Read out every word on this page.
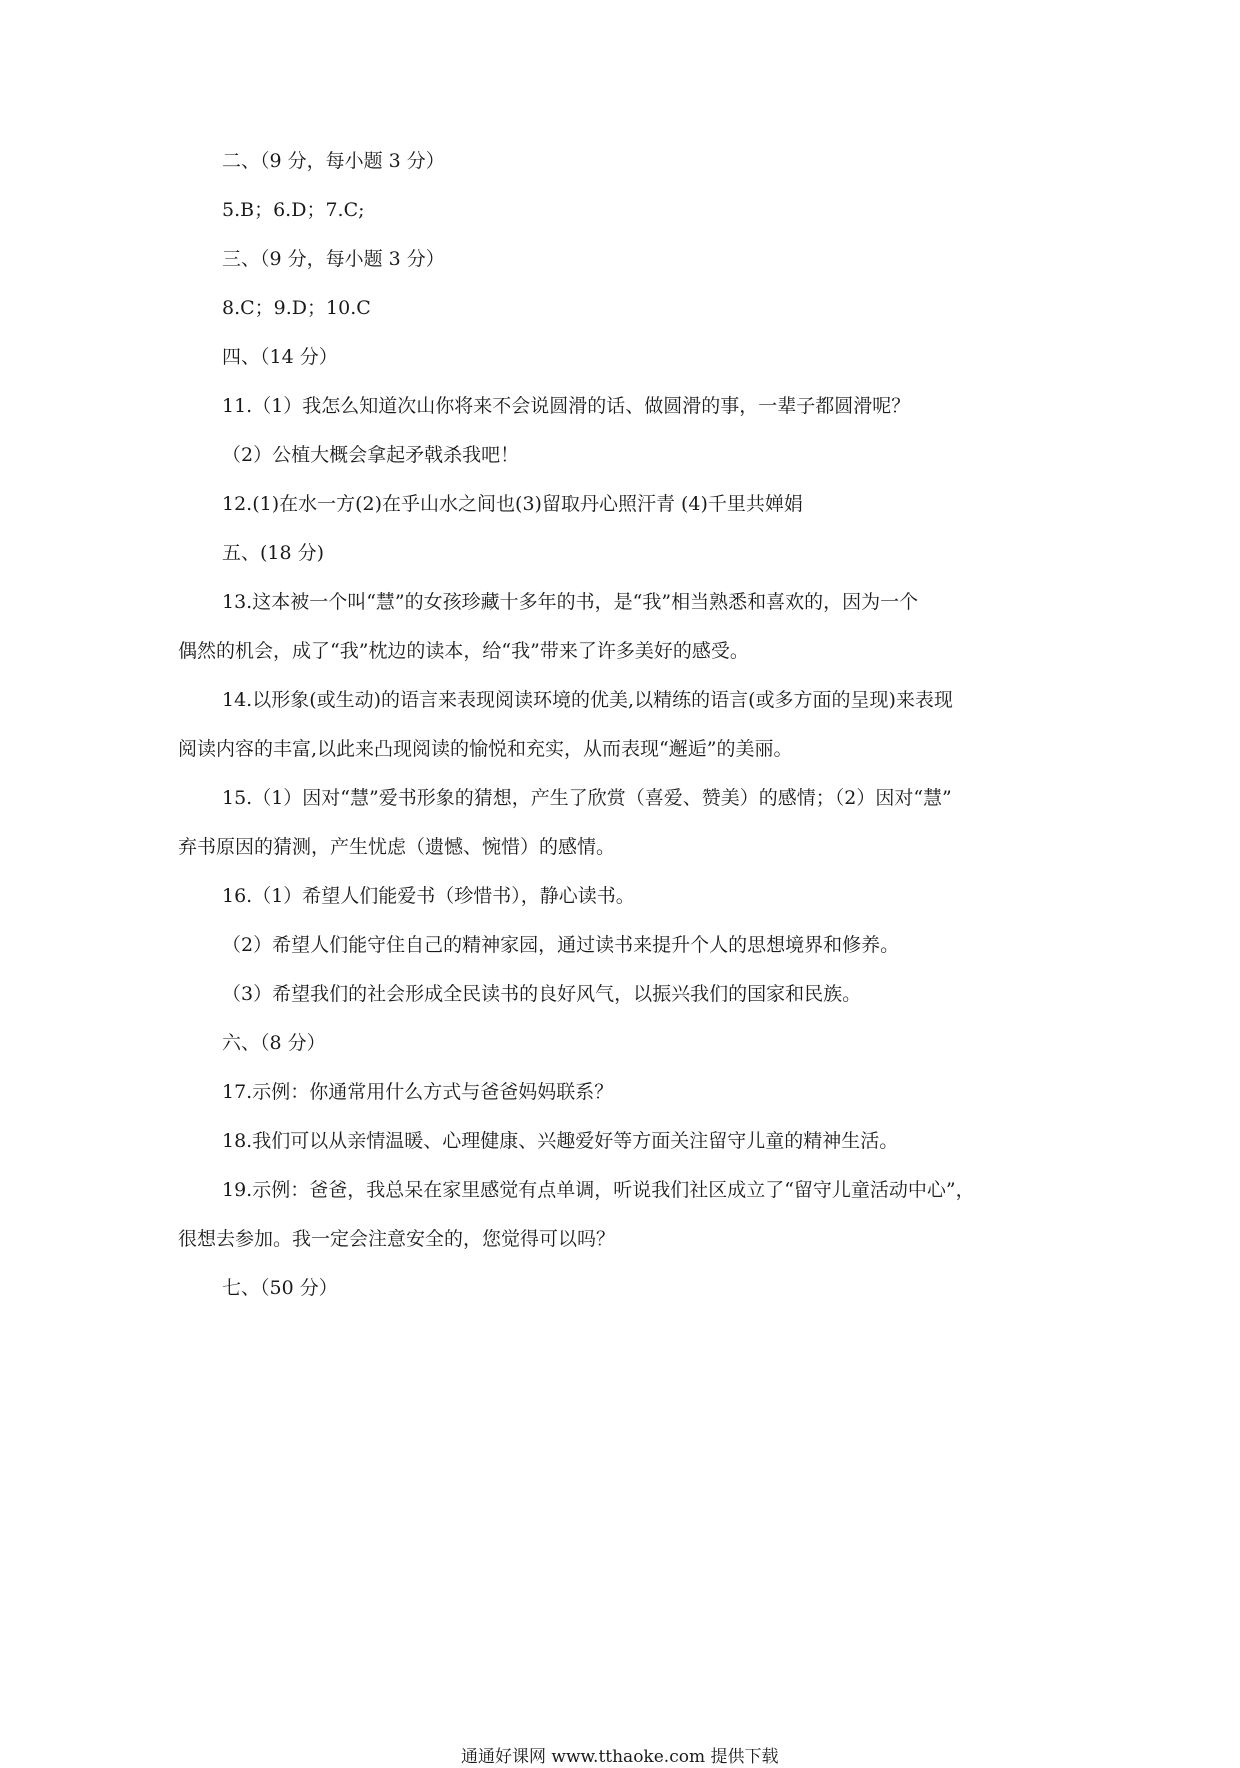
二、（9 分，每小题 3 分）
5.B；6.D；7.C;
三、（9 分，每小题 3 分）
8.C；9.D；10.C
四、（14 分）
11.（1）我怎么知道次山你将来不会说圆滑的话、做圆滑的事，一辈子都圆滑呢？
（2）公植大概会拿起矛戟杀我吧！
12.(1)在水一方(2)在乎山水之间也(3)留取丹心照汗青 (4)千里共婵娟
五、(18 分)
13.这本被一个叫“慧”的女孩珍藏十多年的书，是“我”相当熟悉和喜欢的，因为一个
偶然的机会，成了“我”枕边的读本，给“我”带来了许多美好的感受。
14.以形象(或生动)的语言来表现阅读环境的优美,以精练的语言(或多方面的呈现)来表现
阅读内容的丰富,以此来凸现阅读的愉悦和充实，从而表现“邂逅”的美丽。
15.（1）因对“慧”爱书形象的猜想，产生了欣赏（喜爱、赞美）的感情；（2）因对“慧”
弃书原因的猜测，产生忧虑（遗憾、惋惜）的感情。
16.（1）希望人们能爱书（珍惜书），静心读书。
（2）希望人们能守住自己的精神家园，通过读书来提升个人的思想境界和修养。
（3）希望我们的社会形成全民读书的良好风气，以振兴我们的国家和民族。
六、（8 分）
17.示例：你通常用什么方式与爸爸妈妈联系？
18.我们可以从亲情温暖、心理健康、兴趣爱好等方面关注留守儿童的精神生活。
19.示例：爸爸，我总呆在家里感觉有点单调，听说我们社区成立了“留守儿童活动中心”，
很想去参加。我一定会注意安全的，您觉得可以吗？
七、（50 分）
通通好课网 www.tthaoke.com 提供下载
